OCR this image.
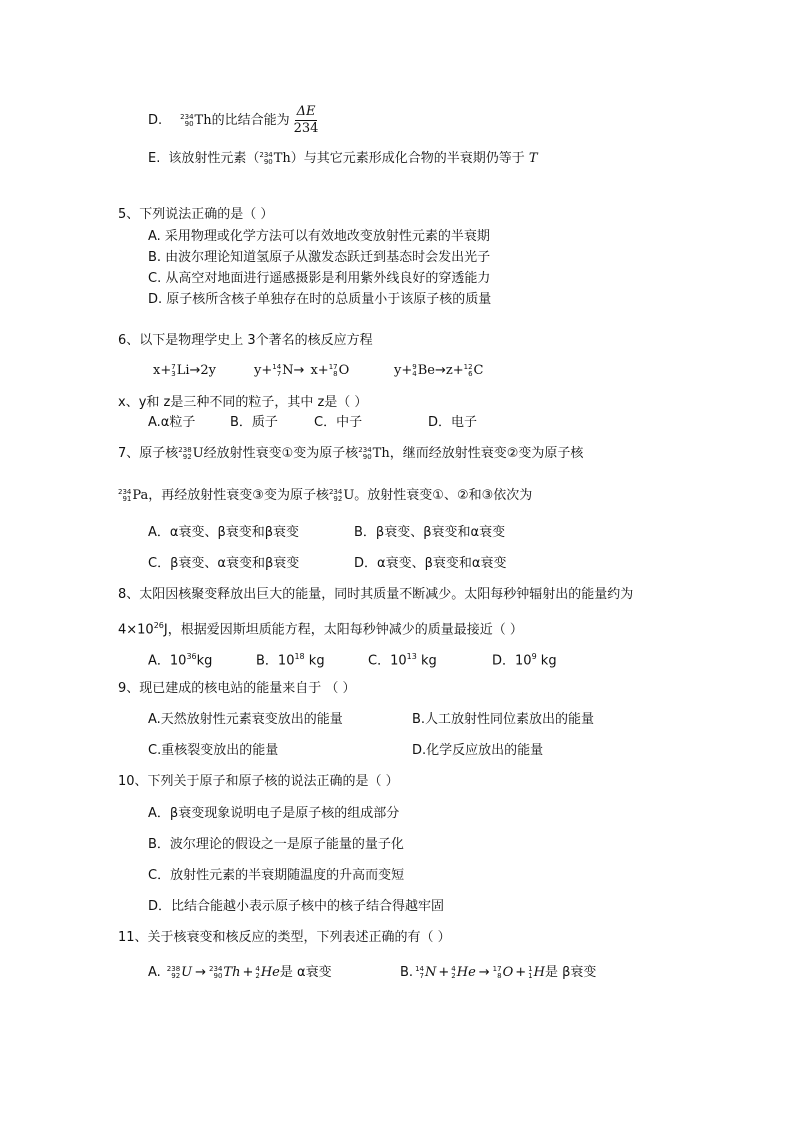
D.	234
90 Th的比结合能为 $\frac{\Delta E}{234}$
E. 该放射性元素（ 234
90 Th）与其它元素形成化合物的半衰期仍等于 T
5、下列说法正确的是（ ）
A. 采用物理或化学方法可以有效地改变放射性元素的半衰期
B. 由波尔理论知道氢原子从激发态跃迁到基态时会发出光子
C. 从高空对地面进行遥感摄影是利用紫外线良好的穿透能力
D. 原子核所含核子单独存在时的总质量小于该原子核的质量
6、以下是物理学史上 3个著名的核反应方程
x+ 7
3 Li→2y	y+ 14
7 N→ x+ 17
8 O	y+ 9
4 Be→z+ 12
6 C
x、y和 z是三种不同的粒子，其中 z是（ ）
A.α粒子	B．质子	C．中子	D．电子
7、原子核 238
92 U经放射性衰变①变为原子核 234
90 Th，继而经放射性衰变②变为原子核
234
91 Pa，再经放射性衰变③变为原子核 234
92 U。放射性衰变①、②和③依次为
A．α衰变、β衰变和β衰变	B．β衰变、β衰变和α衰变
C．β衰变、α衰变和β衰变	D．α衰变、β衰变和α衰变
8、太阳因核聚变释放出巨大的能量，同时其质量不断减少。太阳每秒钟辐射出的能量约为
$4\times 10^{26}J$，根据爱因斯坦质能方程，太阳每秒钟减少的质量最接近（ ）
A．$10^{36}kg$	B．$10^{18}$ kg	C．$10^{13}$ kg	D．$10^9$ kg
9、现已建成的核电站的能量来自于 （ ）
A.天然放射性元素衰变放出的能量	B.人工放射性同位素放出的能量
C.重核裂变放出的能量	D.化学反应放出的能量
10、下列关于原子和原子核的说法正确的是（ ）
A．β衰变现象说明电子是原子核的组成部分
B．波尔理论的假设之一是原子能量的量子化
C．放射性元素的半衰期随温度的升高而变短
D．比结合能越小表示原子核中的核子结合得越牢固
11、关于核衰变和核反应的类型，下列表述正确的有（ ）
A. 238
92 U → 234
90 Th + 4
2 He是 α衰变	B. 14
7 N + 4
2 He → 17
8 O + 1
1 H是 β衰变
